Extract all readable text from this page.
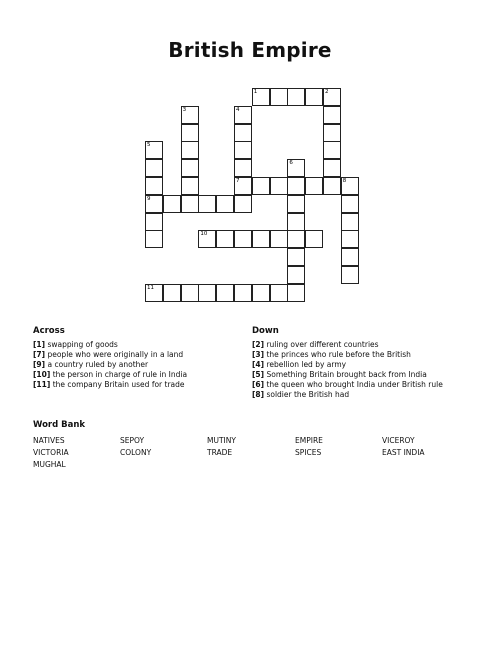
British Empire
1	2
3	4
7
5
9
6
8
10
11
Across
[1] swapping of goods
[7] people who were originally in a land
[9] a country ruled by another
[10] the person in charge of rule in India
[11] the company Britain used for trade
Down
[2] ruling over different countries
[3] the princes who rule before the British
[4] rebellion led by army
[5] Something Britain brought back from India
[6] the queen who brought India under British rule
[8] soldier the British had
Word Bank
NATIVES	SEPOY	MUTINY	EMPIRE	VICEROY
VICTORIA	COLONY	TRADE	SPICES	EAST INDIA
MUGHAL
